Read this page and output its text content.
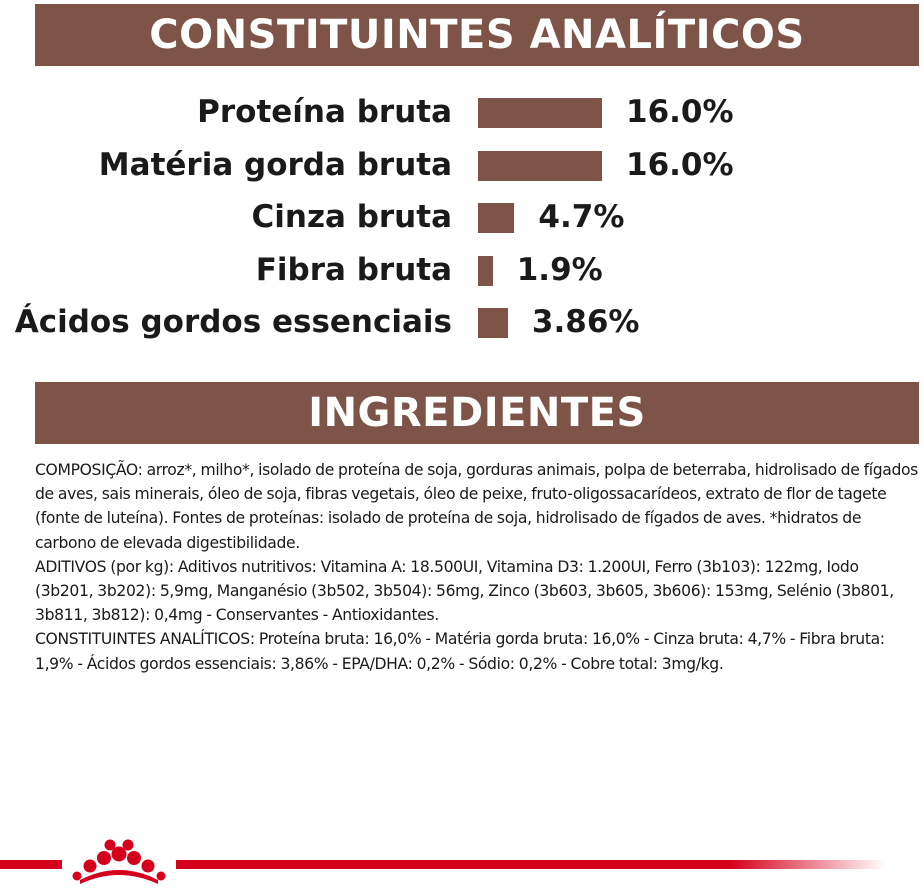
CONSTITUINTES ANALÍTICOS
Proteína bruta	16.0%
Matéria gorda bruta	16.0%
Cinza bruta	4.7%
Fibra bruta 1.9%
Ácidos gordos essenciais	3.86%
INGREDIENTES

COMPOSIÇÃO: arroz*, milho*, isolado de proteína de soja, gorduras animais, polpa de beterraba, hidrolisado de fígados de aves, sais minerais, óleo de soja, fibras vegetais, óleo de peixe, fruto-oligossacarídeos, extrato de flor de tagete (fonte de luteína). Fontes de proteínas: isolado de proteína de soja, hidrolisado de fígados de aves. *hidratos de carbono de elevada digestibilidade.

ADITIVOS (por kg): Aditivos nutritivos: Vitamina A: 18.500UI, Vitamina D3: 1.200UI, Ferro (3b103): 122mg, Iodo (3b201, 3b202): 5,9mg, Manganésio (3b502, 3b504): 56mg, Zinco (3b603, 3b605, 3b606): 153mg, Selénio (3b801, 3b811, 3b812): 0,4mg - Conservantes - Antioxidantes.

CONSTITUINTES ANALÍTICOS: Proteína bruta: 16,0% - Matéria gorda bruta: 16,0% - Cinza bruta: 4,7% - Fibra bruta: 1,9% - Ácidos gordos essenciais: 3,86% - EPA/DHA: 0,2% - Sódio: 0,2% - Cobre total: 3mg/kg.
